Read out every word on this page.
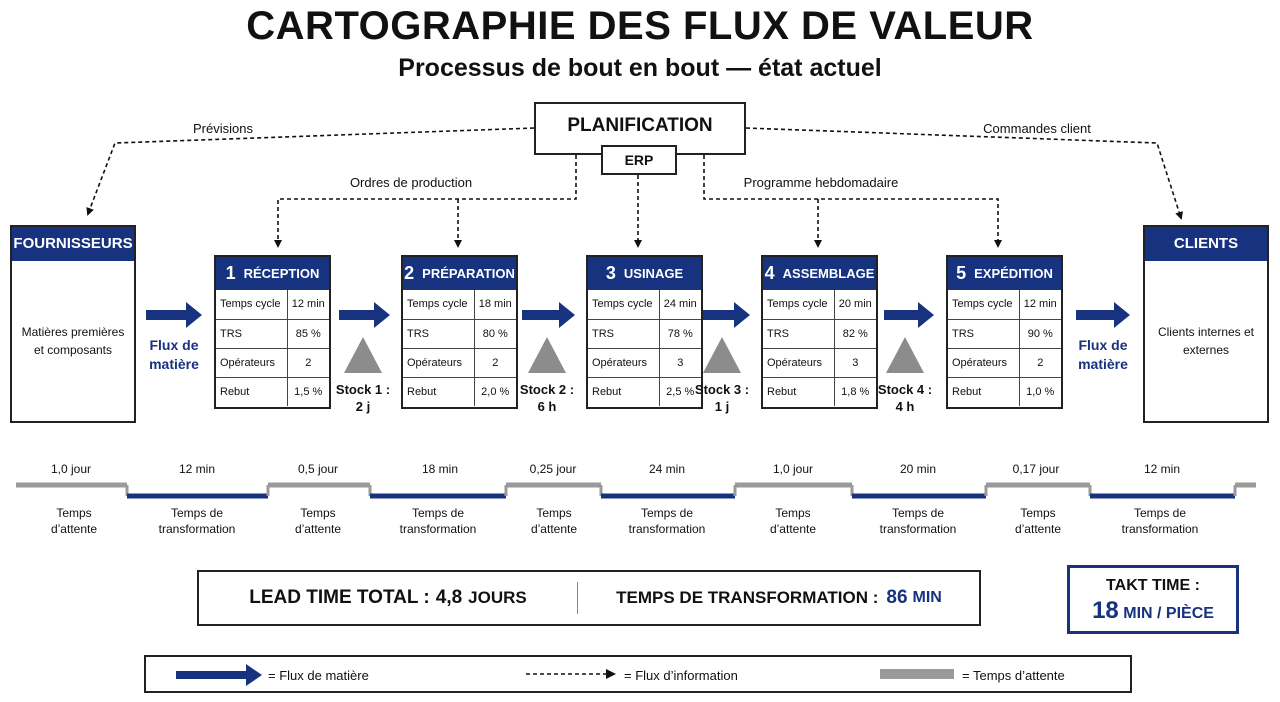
CARTOGRAPHIE DES FLUX DE VALEUR
Processus de bout en bout — état actuel
PLANIFICATION
ERP
Prévisions	Commandes client
Ordres de production	Programme hebdomadaire
FOURNISSEURS
Matières premières et composants
CLIENTS
Clients internes et externes
Flux de matière
Flux de matière
1 RÉCEPTION
Temps cycle	12 min
TRS	85 %
Opérateurs	2
Rebut	1,5 %
2 PRÉPARATION
Temps cycle	18 min
TRS	80 %
Opérateurs	2
Rebut	2,0 %
3 USINAGE
Temps cycle	24 min
TRS	78 %
Opérateurs	3
Rebut	2,5 %
4 ASSEMBLAGE
Temps cycle	20 min
TRS	82 %
Opérateurs	3
Rebut	1,8 %
5 EXPÉDITION
Temps cycle	12 min
TRS	90 %
Opérateurs	2
Rebut	1,0 %
Stock 1 :
2 j
Stock 2 :
6 h
Stock 3 :
1 j
Stock 4 :
4 h
1,0 jour	12 min	0,5 jour	18 min	0,25 jour	24 min	1,0 jour	20 min	0,17 jour	12 min
Temps
d’attente
Temps de
transformation
Temps
d’attente
Temps de
transformation
Temps
d’attente
Temps de
transformation
Temps
d’attente
Temps de
transformation
Temps
d’attente
Temps de
transformation
LEAD TIME TOTAL : 4,8 JOURS	TEMPS DE TRANSFORMATION : 86 MIN
TAKT TIME :
18 MIN / PIÈCE
= Flux de matière	= Flux d’information	= Temps d’attente
